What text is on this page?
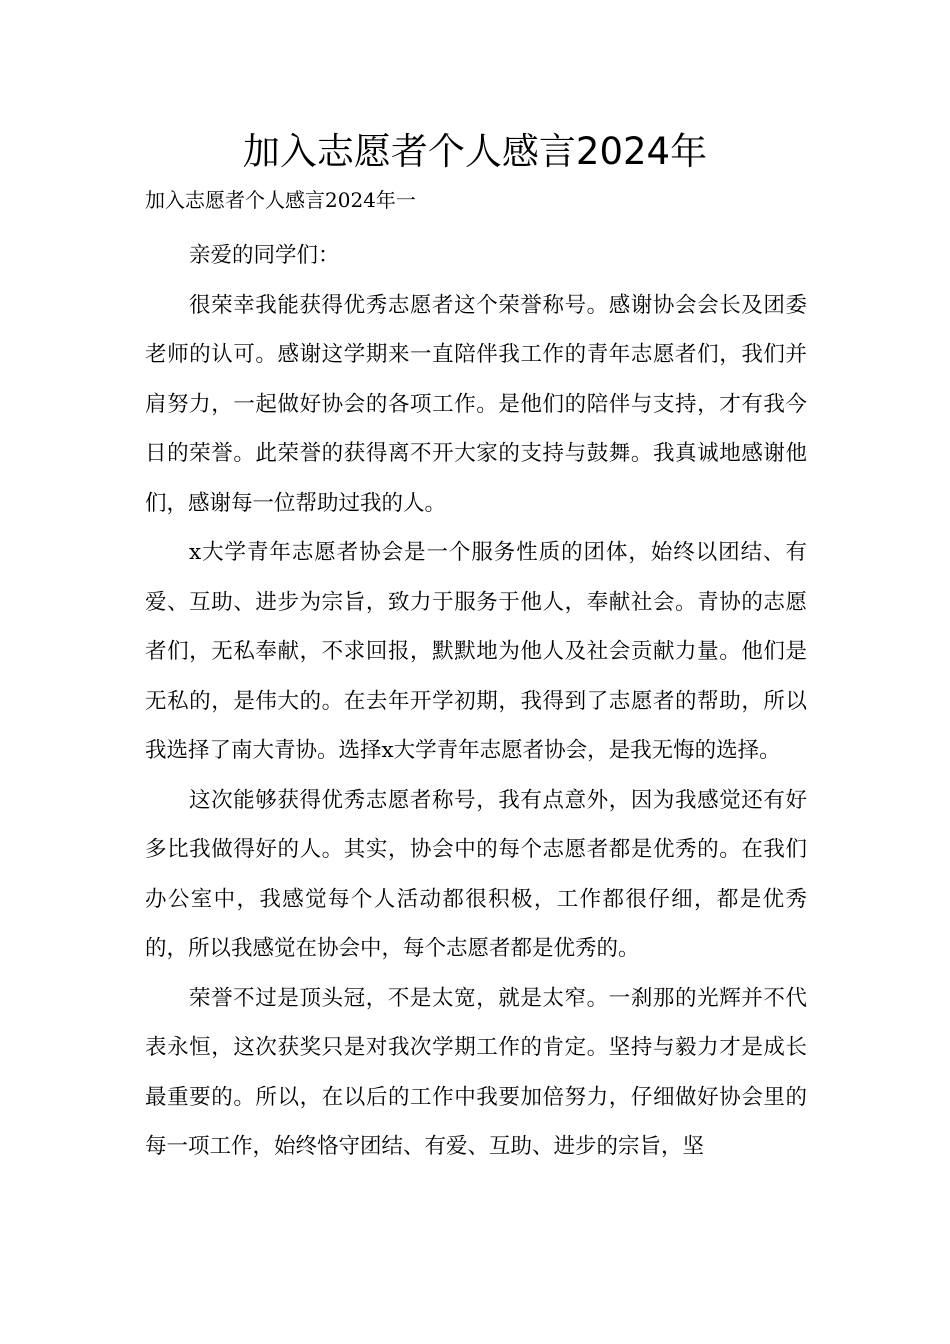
加入志愿者个人感言2024年

加入志愿者个人感言2024年一

亲爱的同学们：

很荣幸我能获得优秀志愿者这个荣誉称号。感谢协会会长及团委老师的认可。感谢这学期来一直陪伴我工作的青年志愿者们，我们并肩努力，一起做好协会的各项工作。是他们的陪伴与支持，才有我今日的荣誉。此荣誉的获得离不开大家的支持与鼓舞。我真诚地感谢他们，感谢每一位帮助过我的人。

x大学青年志愿者协会是一个服务性质的团体，始终以团结、有爱、互助、进步为宗旨，致力于服务于他人，奉献社会。青协的志愿者们，无私奉献，不求回报，默默地为他人及社会贡献力量。他们是无私的，是伟大的。在去年开学初期，我得到了志愿者的帮助，所以我选择了南大青协。选择x大学青年志愿者协会，是我无悔的选择。

这次能够获得优秀志愿者称号，我有点意外，因为我感觉还有好多比我做得好的人。其实，协会中的每个志愿者都是优秀的。在我们办公室中，我感觉每个人活动都很积极，工作都很仔细，都是优秀的，所以我感觉在协会中，每个志愿者都是优秀的。

荣誉不过是顶头冠，不是太宽，就是太窄。一刹那的光辉并不代表永恒，这次获奖只是对我次学期工作的肯定。坚持与毅力才是成长最重要的。所以，在以后的工作中我要加倍努力，仔细做好协会里的每一项工作，始终恪守团结、有爱、互助、进步的宗旨，坚
